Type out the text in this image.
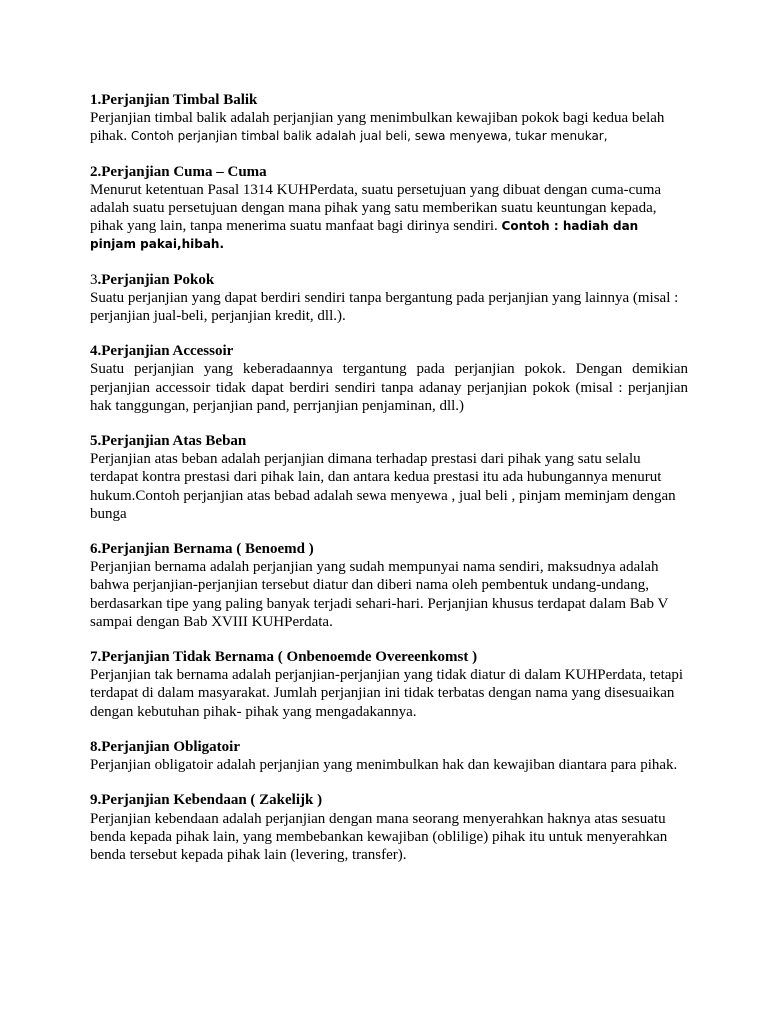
1.Perjanjian Timbal Balik
Perjanjian timbal balik adalah perjanjian yang menimbulkan kewajiban pokok bagi kedua belah pihak. Contoh perjanjian timbal balik adalah jual beli, sewa menyewa, tukar menukar,
2.Perjanjian Cuma – Cuma
Menurut ketentuan Pasal 1314 KUHPerdata, suatu persetujuan yang dibuat dengan cuma-cuma adalah suatu persetujuan dengan mana pihak yang satu memberikan suatu keuntungan kepada, pihak yang lain, tanpa menerima suatu manfaat bagi dirinya sendiri. Contoh : hadiah dan pinjam pakai,hibah.
3.Perjanjian Pokok
Suatu perjanjian yang dapat berdiri sendiri tanpa bergantung pada perjanjian yang lainnya (misal : perjanjian jual-beli, perjanjian kredit, dll.).
4.Perjanjian Accessoir
Suatu perjanjian yang keberadaannya tergantung pada perjanjian pokok. Dengan demikian perjanjian accessoir tidak dapat berdiri sendiri tanpa adanay perjanjian pokok (misal : perjanjian hak tanggungan, perjanjian pand, perrjanjian penjaminan, dll.)
5.Perjanjian Atas Beban
Perjanjian atas beban adalah perjanjian dimana terhadap prestasi dari pihak yang satu selalu terdapat kontra prestasi dari pihak lain, dan antara kedua prestasi itu ada hubungannya menurut hukum.Contoh perjanjian atas bebad adalah sewa menyewa , jual beli , pinjam meminjam dengan bunga
6.Perjanjian Bernama ( Benoemd )
Perjanjian bernama adalah perjanjian yang sudah mempunyai nama sendiri, maksudnya adalah bahwa perjanjian-perjanjian tersebut diatur dan diberi nama oleh pembentuk undang-undang, berdasarkan tipe yang paling banyak terjadi sehari-hari. Perjanjian khusus terdapat dalam Bab V sampai dengan Bab XVIII KUHPerdata.
7.Perjanjian Tidak Bernama ( Onbenoemde Overeenkomst )
Perjanjian tak bernama adalah perjanjian-perjanjian yang tidak diatur di dalam KUHPerdata, tetapi terdapat di dalam masyarakat. Jumlah perjanjian ini tidak terbatas dengan nama yang disesuaikan dengan kebutuhan pihak- pihak yang mengadakannya.
8.Perjanjian Obligatoir
Perjanjian obligatoir adalah perjanjian yang menimbulkan hak dan kewajiban diantara para pihak.
9.Perjanjian Kebendaan ( Zakelijk )
Perjanjian kebendaan adalah perjanjian dengan mana seorang menyerahkan haknya atas sesuatu benda kepada pihak lain, yang membebankan kewajiban (oblilige) pihak itu untuk menyerahkan benda tersebut kepada pihak lain (levering, transfer).
